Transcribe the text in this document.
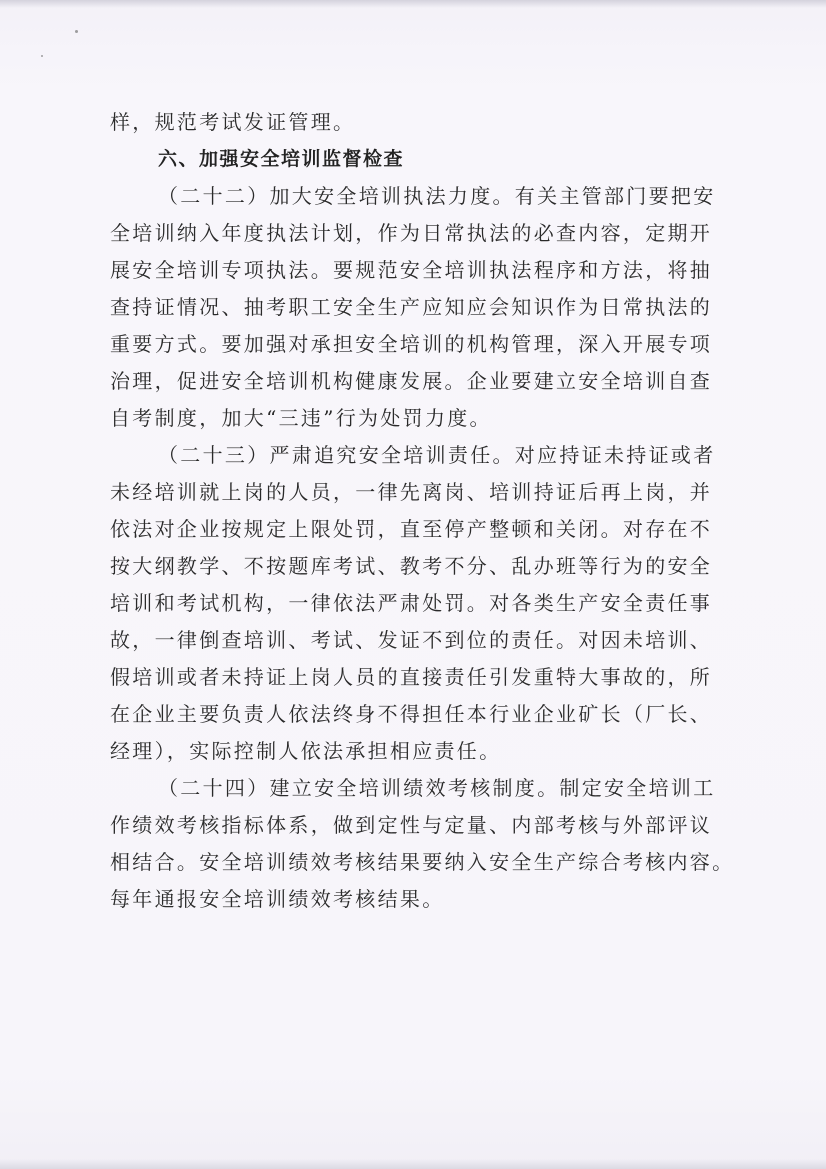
样，规范考试发证管理。
六、加强安全培训监督检查
（二十二）加大安全培训执法力度。有关主管部门要把安
全培训纳入年度执法计划，作为日常执法的必查内容，定期开
展安全培训专项执法。要规范安全培训执法程序和方法，将抽
查持证情况、抽考职工安全生产应知应会知识作为日常执法的
重要方式。要加强对承担安全培训的机构管理，深入开展专项
治理，促进安全培训机构健康发展。企业要建立安全培训自查
自考制度，加大“三违”行为处罚力度。
（二十三）严肃追究安全培训责任。对应持证未持证或者
未经培训就上岗的人员，一律先离岗、培训持证后再上岗，并
依法对企业按规定上限处罚，直至停产整顿和关闭。对存在不
按大纲教学、不按题库考试、教考不分、乱办班等行为的安全
培训和考试机构，一律依法严肃处罚。对各类生产安全责任事
故，一律倒查培训、考试、发证不到位的责任。对因未培训、
假培训或者未持证上岗人员的直接责任引发重特大事故的，所
在企业主要负责人依法终身不得担任本行业企业矿长（厂长、
经理），实际控制人依法承担相应责任。
（二十四）建立安全培训绩效考核制度。制定安全培训工
作绩效考核指标体系，做到定性与定量、内部考核与外部评议
相结合。安全培训绩效考核结果要纳入安全生产综合考核内容。
每年通报安全培训绩效考核结果。
